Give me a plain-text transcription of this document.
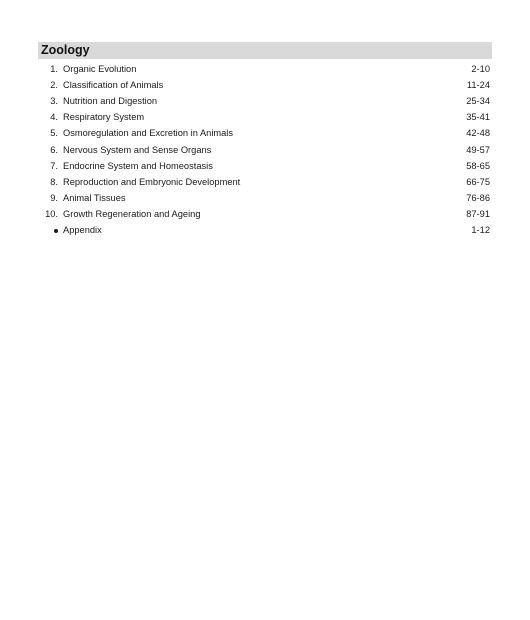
Zoology
1. Organic Evolution	2-10
2. Classification of Animals	11-24
3. Nutrition and Digestion	25-34
4. Respiratory System	35-41
5. Osmoregulation and Excretion in Animals	42-48
6. Nervous System and Sense Organs	49-57
7. Endocrine System and Homeostasis	58-65
8. Reproduction and Embryonic Development	66-75
9. Animal Tissues	76-86
10. Growth Regeneration and Ageing	87-91
Appendix	1-12
